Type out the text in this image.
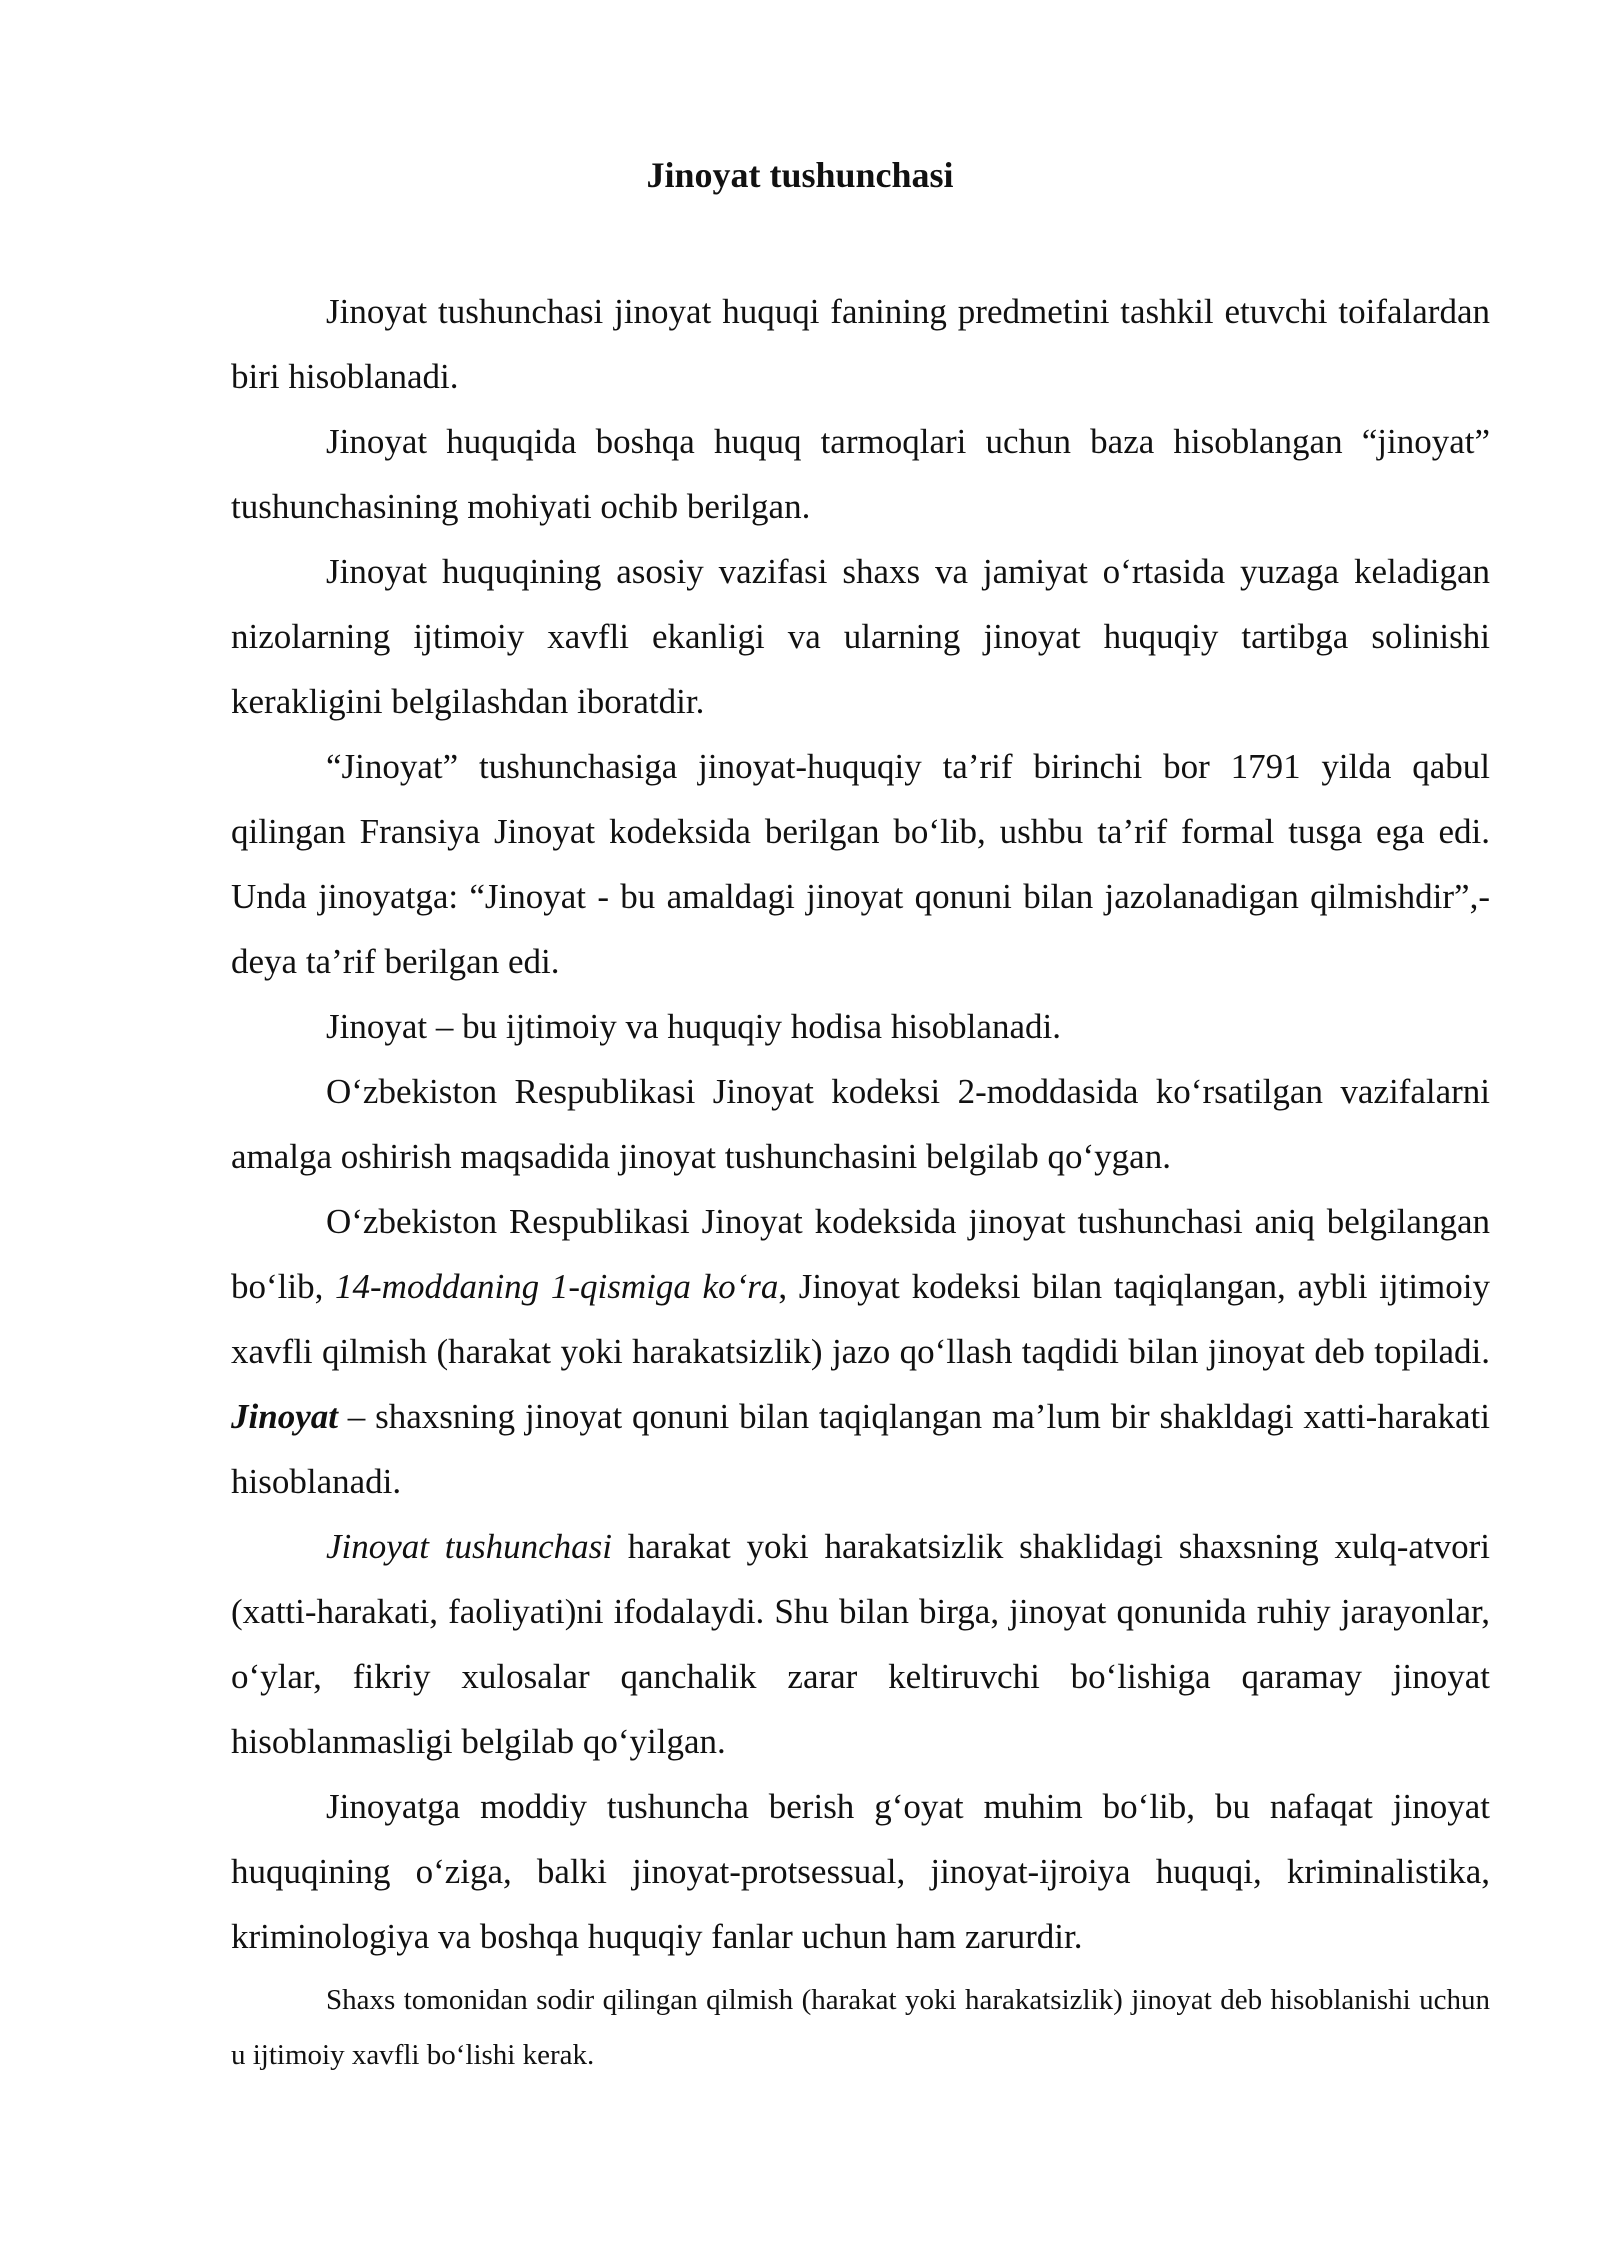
Jinoyat tushunchasi

Jinoyat tushunchasi jinoyat huquqi fanining predmetini tashkil etuvchi toifalardan biri hisoblanadi.

Jinoyat huquqida boshqa huquq tarmoqlari uchun baza hisoblangan “jinoyat” tushunchasining mohiyati ochib berilgan.

Jinoyat huquqining asosiy vazifasi shaxs va jamiyat o‘rtasida yuzaga keladigan nizolarning ijtimoiy xavfli ekanligi va ularning jinoyat huquqiy tartibga solinishi kerakligini belgilashdan iboratdir.

“Jinoyat” tushunchasiga jinoyat-huquqiy ta’rif birinchi bor 1791 yilda qabul qilingan Fransiya Jinoyat kodeksida berilgan bo‘lib, ushbu ta’rif formal tusga ega edi. Unda jinoyatga: “Jinoyat - bu amaldagi jinoyat qonuni bilan jazolanadigan qilmishdir”,-deya ta’rif berilgan edi.

Jinoyat – bu ijtimoiy va huquqiy hodisa hisoblanadi.

O‘zbekiston Respublikasi Jinoyat kodeksi 2-moddasida ko‘rsatilgan vazifalarni amalga oshirish maqsadida jinoyat tushunchasini belgilab qo‘ygan.

O‘zbekiston Respublikasi Jinoyat kodeksida jinoyat tushunchasi aniq belgilangan bo‘lib, 14-moddaning 1-qismiga ko‘ra, Jinoyat kodeksi bilan taqiqlangan, aybli ijtimoiy xavfli qilmish (harakat yoki harakatsizlik) jazo qo‘llash taqdidi bilan jinoyat deb topiladi. Jinoyat – shaxsning jinoyat qonuni bilan taqiqlangan ma’lum bir shakldagi xatti-harakati hisoblanadi.

Jinoyat tushunchasi harakat yoki harakatsizlik shaklidagi shaxsning xulq-atvori (xatti-harakati, faoliyati)ni ifodalaydi. Shu bilan birga, jinoyat qonunida ruhiy jarayonlar, o‘ylar, fikriy xulosalar qanchalik zarar keltiruvchi bo‘lishiga qaramay jinoyat hisoblanmasligi belgilab qo‘yilgan.

Jinoyatga moddiy tushuncha berish g‘oyat muhim bo‘lib, bu nafaqat jinoyat huquqining o‘ziga, balki jinoyat-protsessual, jinoyat-ijroiya huquqi, kriminalistika, kriminologiya va boshqa huquqiy fanlar uchun ham zarurdir.

Shaxs tomonidan sodir qilingan qilmish (harakat yoki harakatsizlik) jinoyat deb hisoblanishi uchun u ijtimoiy xavfli bo‘lishi kerak.
